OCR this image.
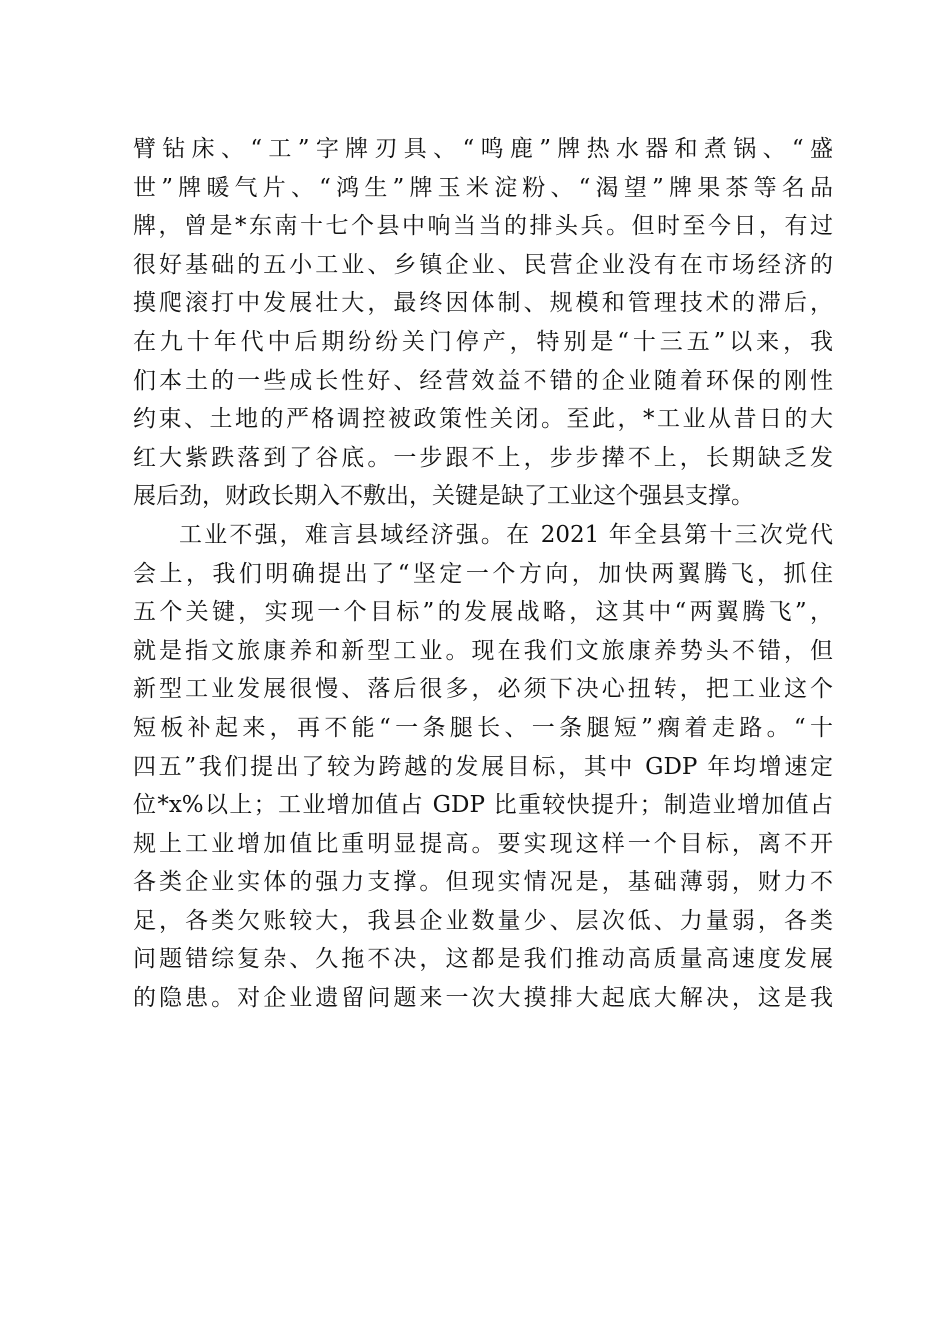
臂钻床、“工”字牌刃具、“鸣鹿”牌热水器和煮锅、“盛
世”牌暖气片、“鸿生”牌玉米淀粉、“渴望”牌果茶等名品
牌，曾是*东南十七个县中响当当的排头兵。但时至今日，有过
很好基础的五小工业、乡镇企业、民营企业没有在市场经济的
摸爬滚打中发展壮大，最终因体制、规模和管理技术的滞后，
在九十年代中后期纷纷关门停产，特别是“十三五”以来，我
们本土的一些成长性好、经营效益不错的企业随着环保的刚性
约束、土地的严格调控被政策性关闭。至此，*工业从昔日的大
红大紫跌落到了谷底。一步跟不上，步步撵不上，长期缺乏发
展后劲，财政长期入不敷出，关键是缺了工业这个强县支撑。
工业不强，难言县域经济强。在 2021 年全县第十三次党代
会上，我们明确提出了“坚定一个方向，加快两翼腾飞，抓住
五个关键，实现一个目标”的发展战略，这其中“两翼腾飞”，
就是指文旅康养和新型工业。现在我们文旅康养势头不错，但
新型工业发展很慢、落后很多，必须下决心扭转，把工业这个
短板补起来，再不能“一条腿长、一条腿短”瘸着走路。“十
四五”我们提出了较为跨越的发展目标，其中 GDP 年均增速定
位*x%以上；工业增加值占 GDP 比重较快提升；制造业增加值占
规上工业增加值比重明显提高。要实现这样一个目标，离不开
各类企业实体的强力支撑。但现实情况是，基础薄弱，财力不
足，各类欠账较大，我县企业数量少、层次低、力量弱，各类
问题错综复杂、久拖不决，这都是我们推动高质量高速度发展
的隐患。对企业遗留问题来一次大摸排大起底大解决，这是我
